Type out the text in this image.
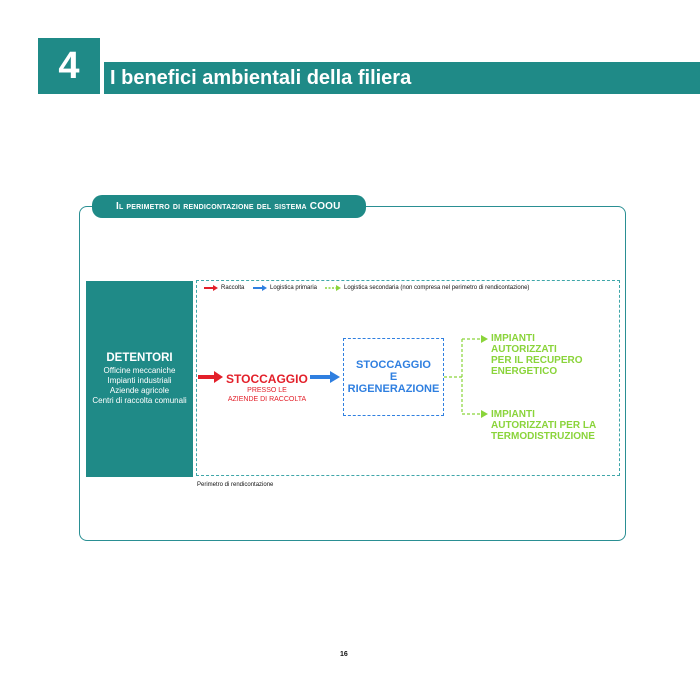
4	I benefici ambientali della filiera
Il perimetro di rendicontazione del sistema COOU
DETENTORI
Officine meccaniche
Impianti industriali
Aziende agricole
Centri di raccolta comunali
Perimetro di rendicontazione
Raccolta	Logistica primaria	Logistica secondaria (non compresa nel perimetro di rendicontazione)
STOCCAGGIO
PRESSO LE
AZIENDE DI RACCOLTA
STOCCAGGIO
E
RIGENERAZIONE
IMPIANTI
AUTORIZZATI
PER IL RECUPERO
ENERGETICO
IMPIANTI
AUTORIZZATI PER LA
TERMODISTRUZIONE
16
